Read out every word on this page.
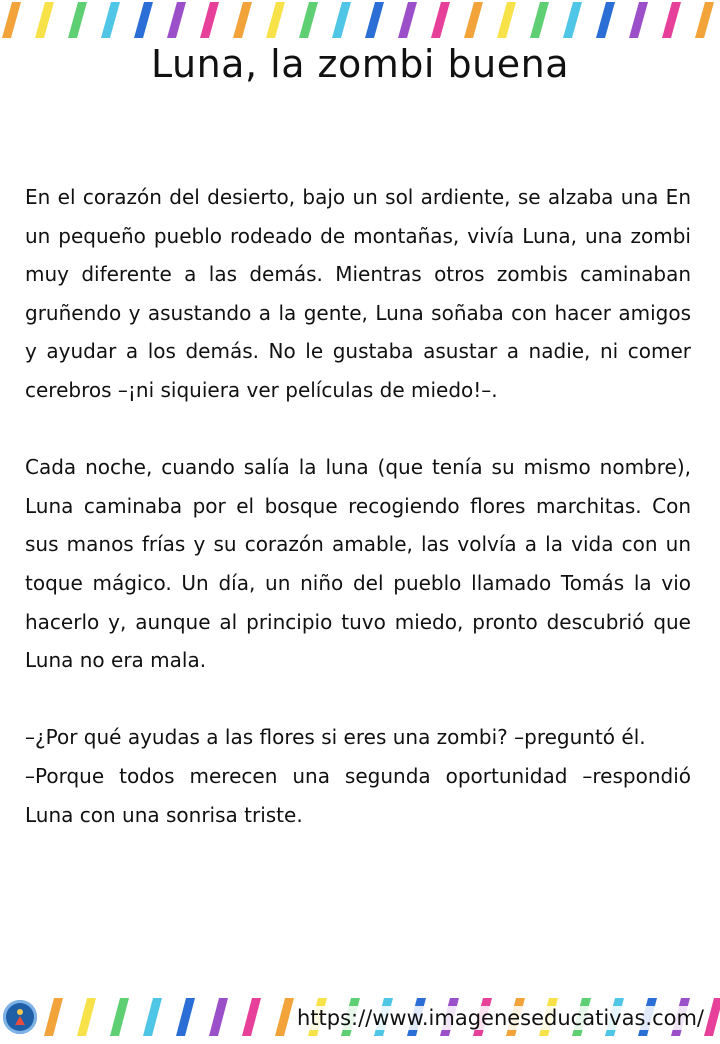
Luna, la zombi buena

En el corazón del desierto, bajo un sol ardiente, se alzaba una En un pequeño pueblo rodeado de montañas, vivía Luna, una zombi muy diferente a las demás. Mientras otros zombis caminaban gruñendo y asustando a la gente, Luna soñaba con hacer amigos y ayudar a los demás. No le gustaba asustar a nadie, ni comer cerebros –¡ni siquiera ver películas de miedo!–.

Cada noche, cuando salía la luna (que tenía su mismo nombre), Luna caminaba por el bosque recogiendo flores marchitas. Con sus manos frías y su corazón amable, las volvía a la vida con un toque mágico. Un día, un niño del pueblo llamado Tomás la vio hacerlo y, aunque al principio tuvo miedo, pronto descubrió que Luna no era mala.

–¿Por qué ayudas a las flores si eres una zombi? –preguntó él.

–Porque todos merecen una segunda oportunidad –respondió Luna con una sonrisa triste.

https://www.imageneseducativas.com/
